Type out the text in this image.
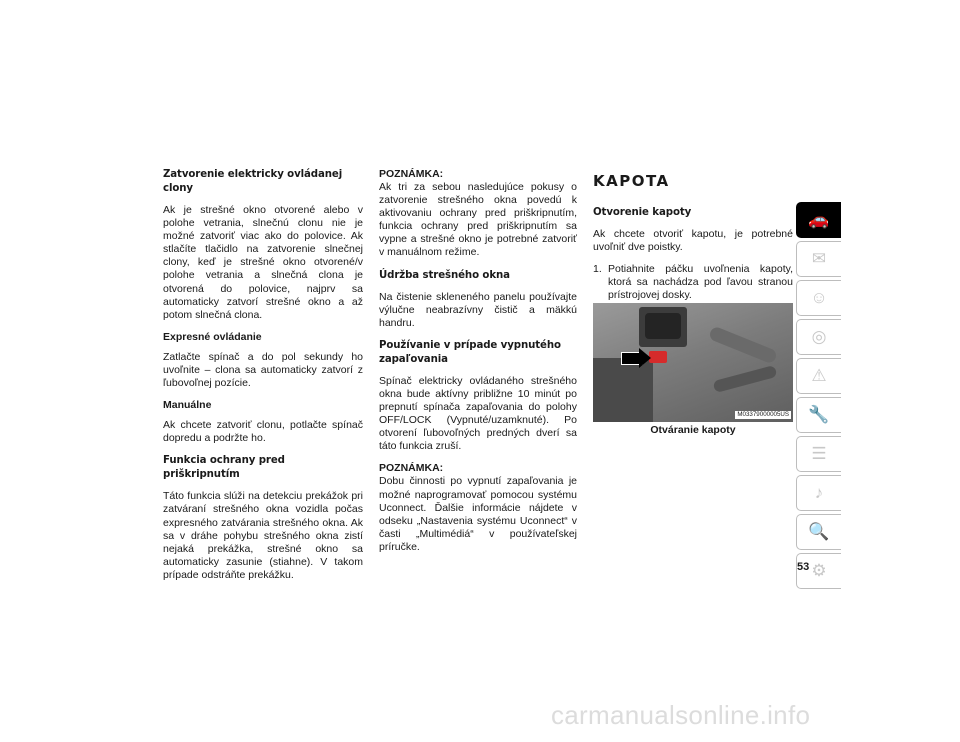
Zatvorenie elektricky ovládanej clony

Ak je strešné okno otvorené alebo v polohe vetrania, slnečnú clonu nie je možné zatvoriť viac ako do polovice. Ak stlačíte tlačidlo na zatvorenie slnečnej clony, keď je strešné okno otvorené/v polohe vetrania a slnečná clona je otvorená do polovice, najprv sa automaticky zatvorí strešné okno a až potom slnečná clona.

Expresné ovládanie

Zatlačte spínač a do pol sekundy ho uvoľnite – clona sa automaticky zatvorí z ľubovoľnej pozície.

Manuálne

Ak chcete zatvoriť clonu, potlačte spínač dopredu a podržte ho.

Funkcia ochrany pred priškripnutím

Táto funkcia slúži na detekciu prekážok pri zatváraní strešného okna vozidla počas expresného zatvárania strešného okna. Ak sa v dráhe pohybu strešného okna zistí nejaká prekážka, strešné okno sa automaticky zasunie (stiahne). V takom prípade odstráňte prekážku.

POZNÁMKA:

Ak tri za sebou nasledujúce pokusy o zatvorenie strešného okna povedú k aktivovaniu ochrany pred priškripnutím, funkcia ochrany pred priškripnutím sa vypne a strešné okno je potrebné zatvoriť v manuálnom režime.

Údržba strešného okna

Na čistenie skleneného panelu používajte výlučne neabrazívny čistič a mäkkú handru.

Používanie v prípade vypnutého zapaľovania

Spínač elektricky ovládaného strešného okna bude aktívny približne 10 minút po prepnutí spínača zapaľovania do polohy OFF/LOCK (Vypnuté/uzamknuté). Po otvorení ľubovoľných predných dverí sa táto funkcia zruší.

POZNÁMKA:

Dobu činnosti po vypnutí zapaľovania je možné naprogramovať pomocou systému Uconnect. Ďalšie informácie nájdete v odseku „Nastavenia systému Uconnect“ v časti „Multimédiá“ v používateľskej príručke.

KAPOTA
Otvorenie kapoty

Ak chcete otvoriť kapotu, je potrebné uvoľniť dve poistky.

1. Potiahnite páčku uvoľnenia kapoty, ktorá sa nachádza pod ľavou stranou prístrojovej dosky.
M03379000005US
Otváranie kapoty
🚗
✉
☺
◎
⚠
🔧
☰
♪
🔍
⚙
53
carmanualsonline.info
